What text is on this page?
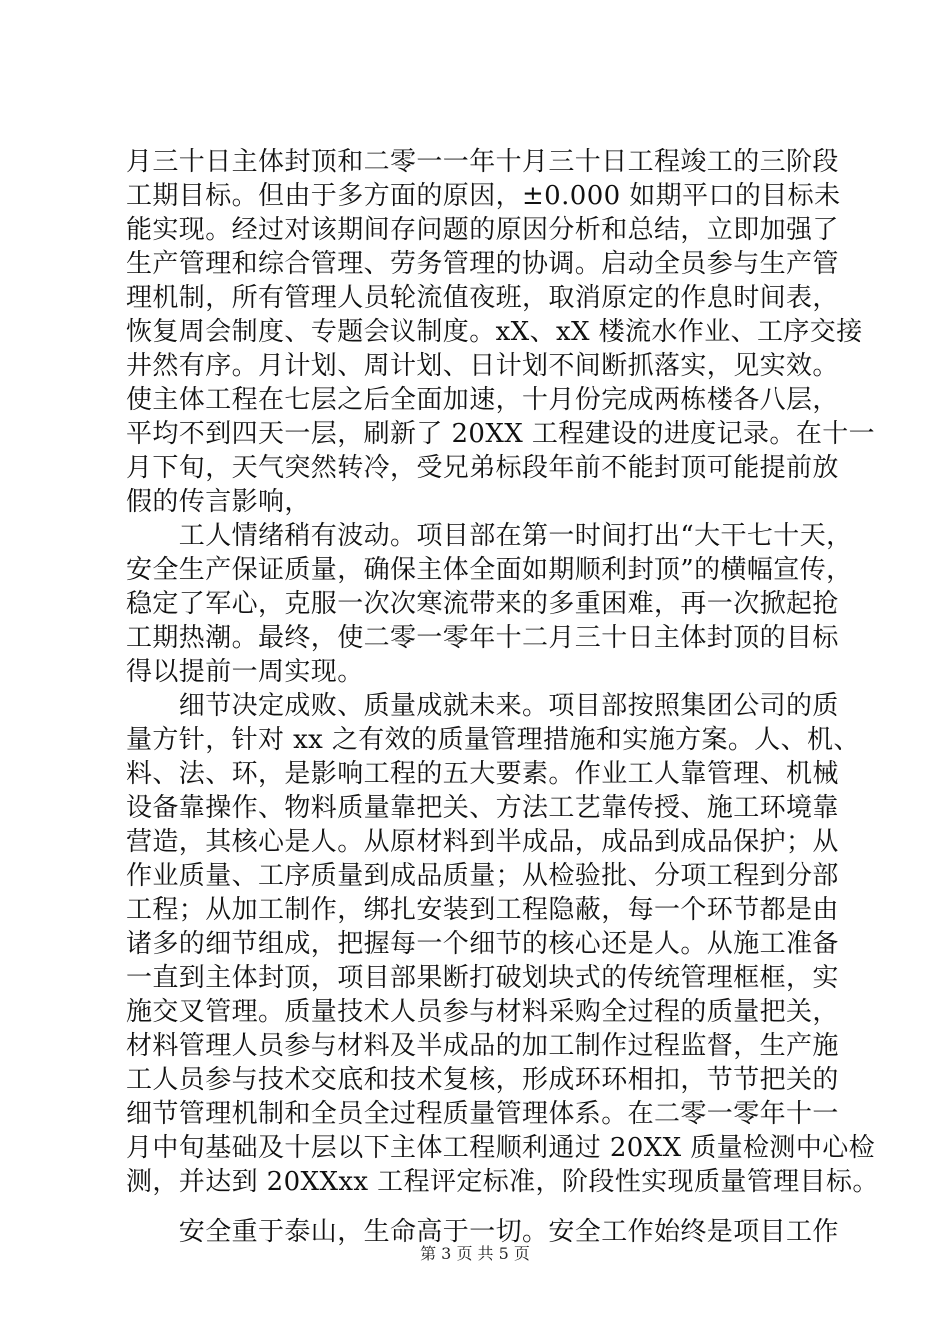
月三十日主体封顶和二零一一年十月三十日工程竣工的三阶段
工期目标。但由于多方面的原因，±0.000 如期平口的目标未
能实现。经过对该期间存问题的原因分析和总结，立即加强了
生产管理和综合管理、劳务管理的协调。启动全员参与生产管
理机制，所有管理人员轮流值夜班，取消原定的作息时间表，
恢复周会制度、专题会议制度。xX、xX 楼流水作业、工序交接
井然有序。月计划、周计划、日计划不间断抓落实，见实效。
使主体工程在七层之后全面加速，十月份完成两栋楼各八层，
平均不到四天一层，刷新了 20XX 工程建设的进度记录。在十一
月下旬，天气突然转冷，受兄弟标段年前不能封顶可能提前放
假的传言影响，
　　工人情绪稍有波动。项目部在第一时间打出“大干七十天，
安全生产保证质量，确保主体全面如期顺利封顶”的横幅宣传，
稳定了军心，克服一次次寒流带来的多重困难，再一次掀起抢
工期热潮。最终，使二零一零年十二月三十日主体封顶的目标
得以提前一周实现。
　　细节决定成败、质量成就未来。项目部按照集团公司的质
量方针，针对 xx 之有效的质量管理措施和实施方案。人、机、
料、法、环，是影响工程的五大要素。作业工人靠管理、机械
设备靠操作、物料质量靠把关、方法工艺靠传授、施工环境靠
营造，其核心是人。从原材料到半成品，成品到成品保护；从
作业质量、工序质量到成品质量；从检验批、分项工程到分部
工程；从加工制作，绑扎安装到工程隐蔽，每一个环节都是由
诸多的细节组成，把握每一个细节的核心还是人。从施工准备
一直到主体封顶，项目部果断打破划块式的传统管理框框，实
施交叉管理。质量技术人员参与材料采购全过程的质量把关，
材料管理人员参与材料及半成品的加工制作过程监督，生产施
工人员参与技术交底和技术复核，形成环环相扣，节节把关的
细节管理机制和全员全过程质量管理体系。在二零一零年十一
月中旬基础及十层以下主体工程顺利通过 20XX 质量检测中心检
测，并达到 20XXxx 工程评定标准，阶段性实现质量管理目标。
　　安全重于泰山，生命高于一切。安全工作始终是项目工作
第 3 页 共 5 页
